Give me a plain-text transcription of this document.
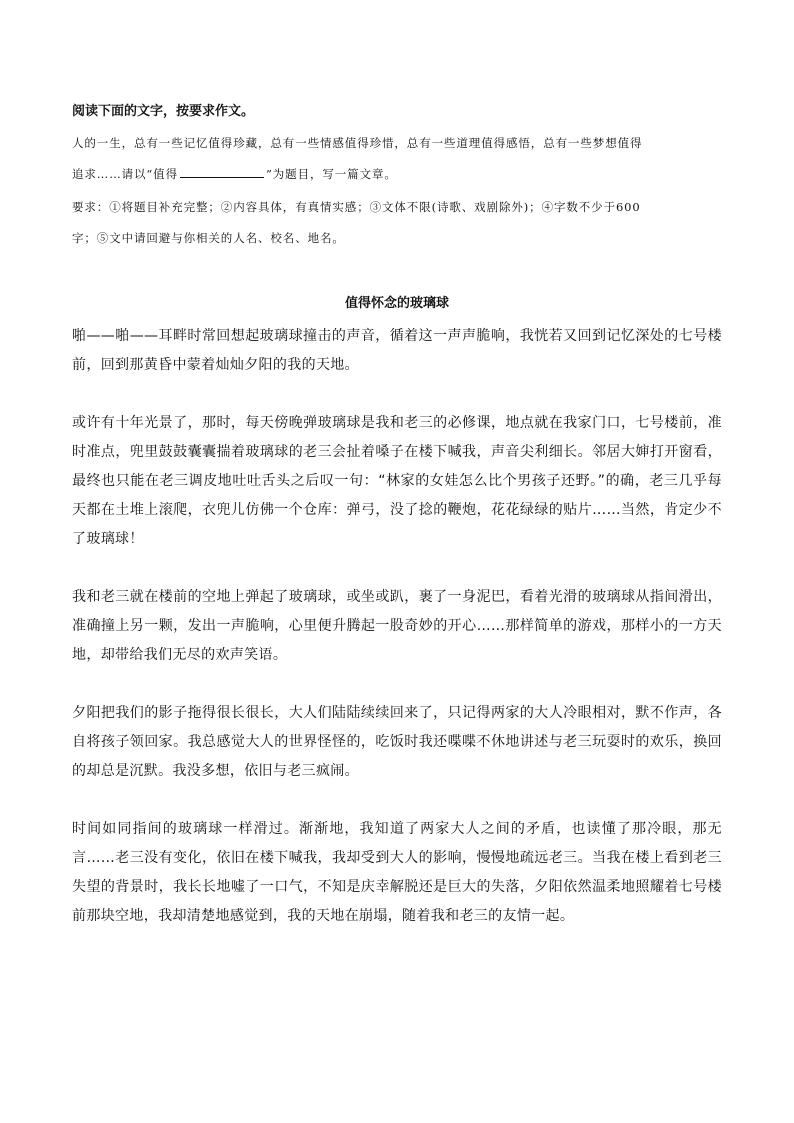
阅读下面的文字，按要求作文。
人的一生，总有一些记忆值得珍藏，总有一些情感值得珍惜，总有一些道理值得感悟，总有一些梦想值得
追求……请以“值得	”为题目，写一篇文章。
要求：①将题目补充完整；②内容具体，有真情实感；③文体不限(诗歌、戏剧除外)；④字数不少于600
字；⑤文中请回避与你相关的人名、校名、地名。
值得怀念的玻璃球

啪——啪——耳畔时常回想起玻璃球撞击的声音，循着这一声声脆响，我恍若又回到记忆深处的七号楼前，回到那黄昏中蒙着灿灿夕阳的我的天地。

或许有十年光景了，那时，每天傍晚弹玻璃球是我和老三的必修课，地点就在我家门口，七号楼前，准时准点，兜里鼓鼓囊囊揣着玻璃球的老三会扯着嗓子在楼下喊我，声音尖利细长。邻居大婶打开窗看，最终也只能在老三调皮地吐吐舌头之后叹一句：“林家的女娃怎么比个男孩子还野。”的确，老三几乎每天都在土堆上滚爬，衣兜儿仿佛一个仓库：弹弓，没了捻的鞭炮，花花绿绿的贴片……当然，肯定少不了玻璃球！

我和老三就在楼前的空地上弹起了玻璃球，或坐或趴，裹了一身泥巴，看着光滑的玻璃球从指间滑出，准确撞上另一颗，发出一声脆响，心里便升腾起一股奇妙的开心……那样简单的游戏，那样小的一方天地，却带给我们无尽的欢声笑语。

夕阳把我们的影子拖得很长很长，大人们陆陆续续回来了，只记得两家的大人冷眼相对，默不作声，各自将孩子领回家。我总感觉大人的世界怪怪的，吃饭时我还喋喋不休地讲述与老三玩耍时的欢乐，换回的却总是沉默。我没多想，依旧与老三疯闹。

时间如同指间的玻璃球一样滑过。渐渐地，我知道了两家大人之间的矛盾，也读懂了那冷眼，那无言……老三没有变化，依旧在楼下喊我，我却受到大人的影响，慢慢地疏远老三。当我在楼上看到老三失望的背景时，我长长地嘘了一口气，不知是庆幸解脱还是巨大的失落，夕阳依然温柔地照耀着七号楼前那块空地，我却清楚地感觉到，我的天地在崩塌，随着我和老三的友情一起。
